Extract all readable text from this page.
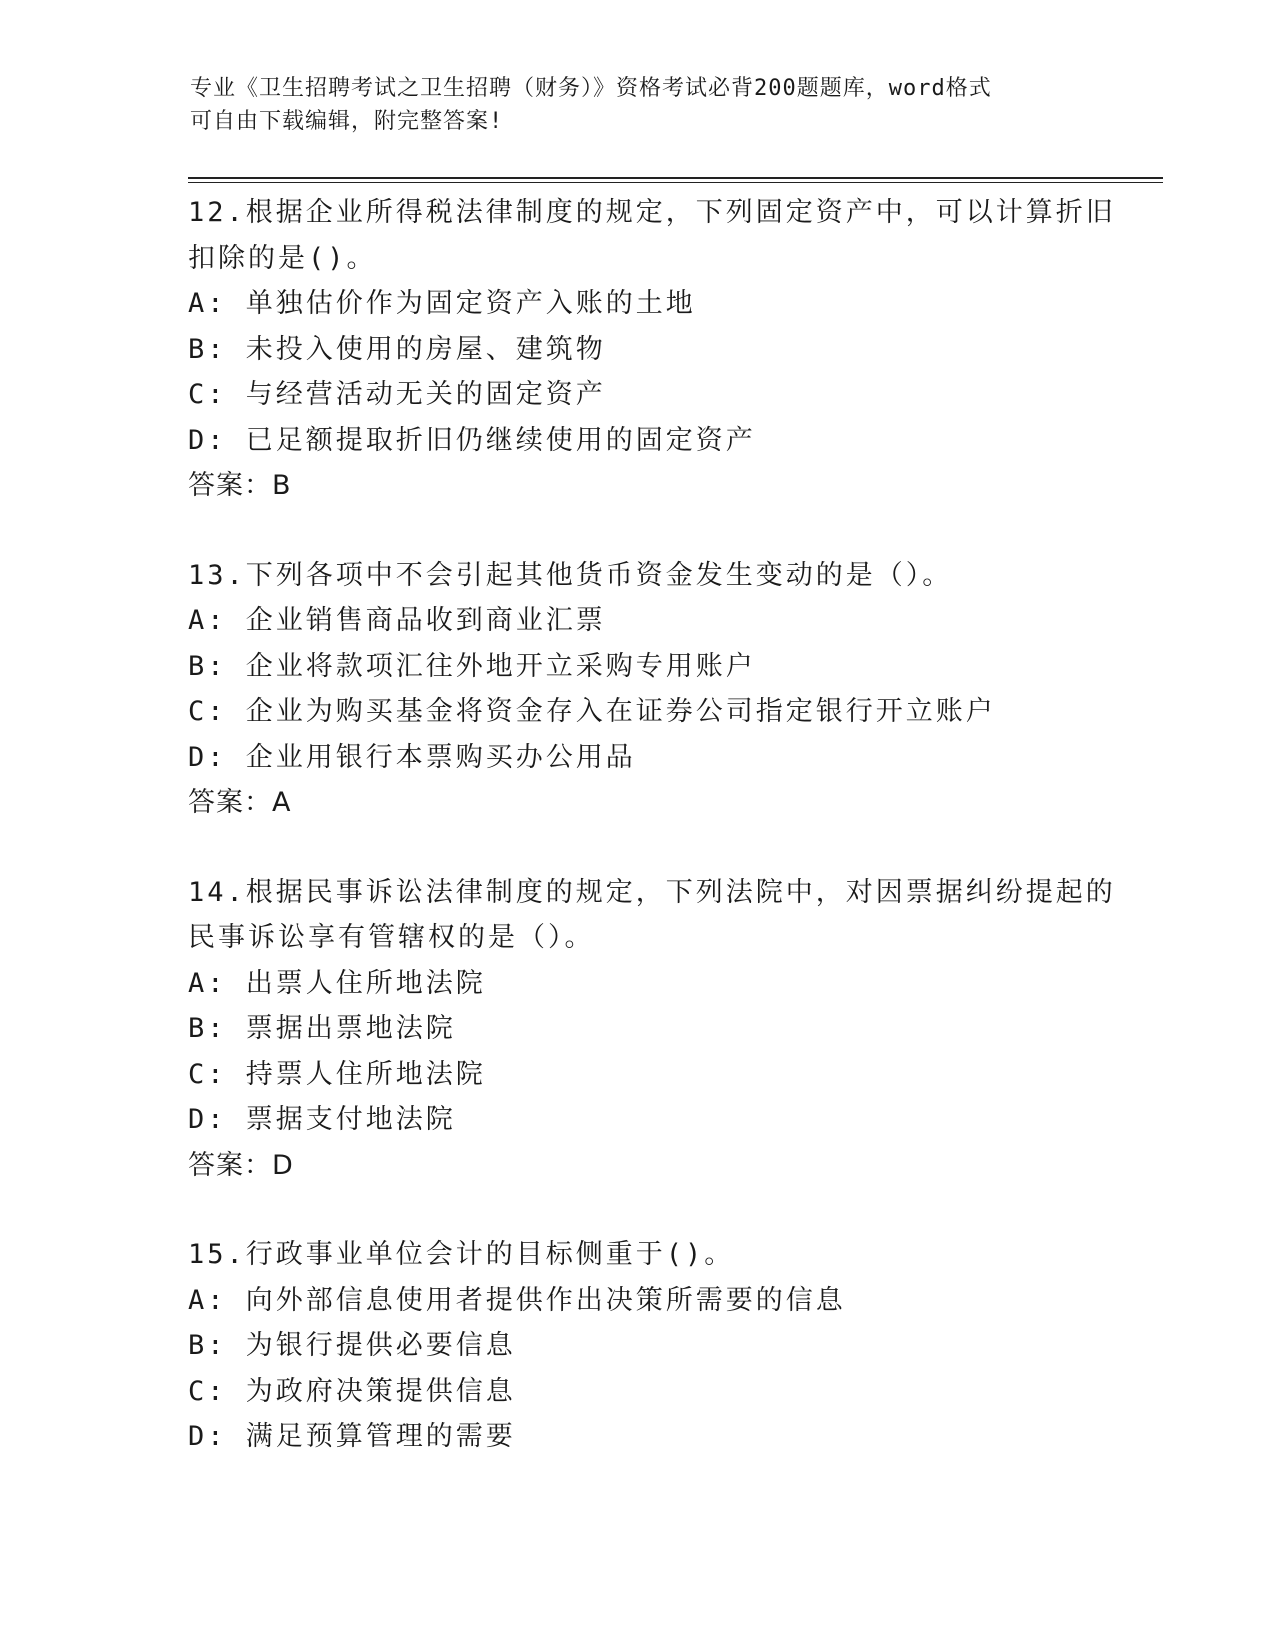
专业《卫生招聘考试之卫生招聘（财务）》资格考试必背200题题库，word格式
可自由下载编辑，附完整答案!
12.根据企业所得税法律制度的规定，下列固定资产中，可以计算折旧
扣除的是()。
A: 单独估价作为固定资产入账的土地
B: 未投入使用的房屋、建筑物
C: 与经营活动无关的固定资产
D: 已足额提取折旧仍继续使用的固定资产
答案：B
13.下列各项中不会引起其他货币资金发生变动的是（）。
A: 企业销售商品收到商业汇票
B: 企业将款项汇往外地开立采购专用账户
C: 企业为购买基金将资金存入在证券公司指定银行开立账户
D: 企业用银行本票购买办公用品
答案：A
14.根据民事诉讼法律制度的规定，下列法院中，对因票据纠纷提起的
民事诉讼享有管辖权的是（）。
A: 出票人住所地法院
B: 票据出票地法院
C: 持票人住所地法院
D: 票据支付地法院
答案：D
15.行政事业单位会计的目标侧重于()。
A: 向外部信息使用者提供作出决策所需要的信息
B: 为银行提供必要信息
C: 为政府决策提供信息
D: 满足预算管理的需要
